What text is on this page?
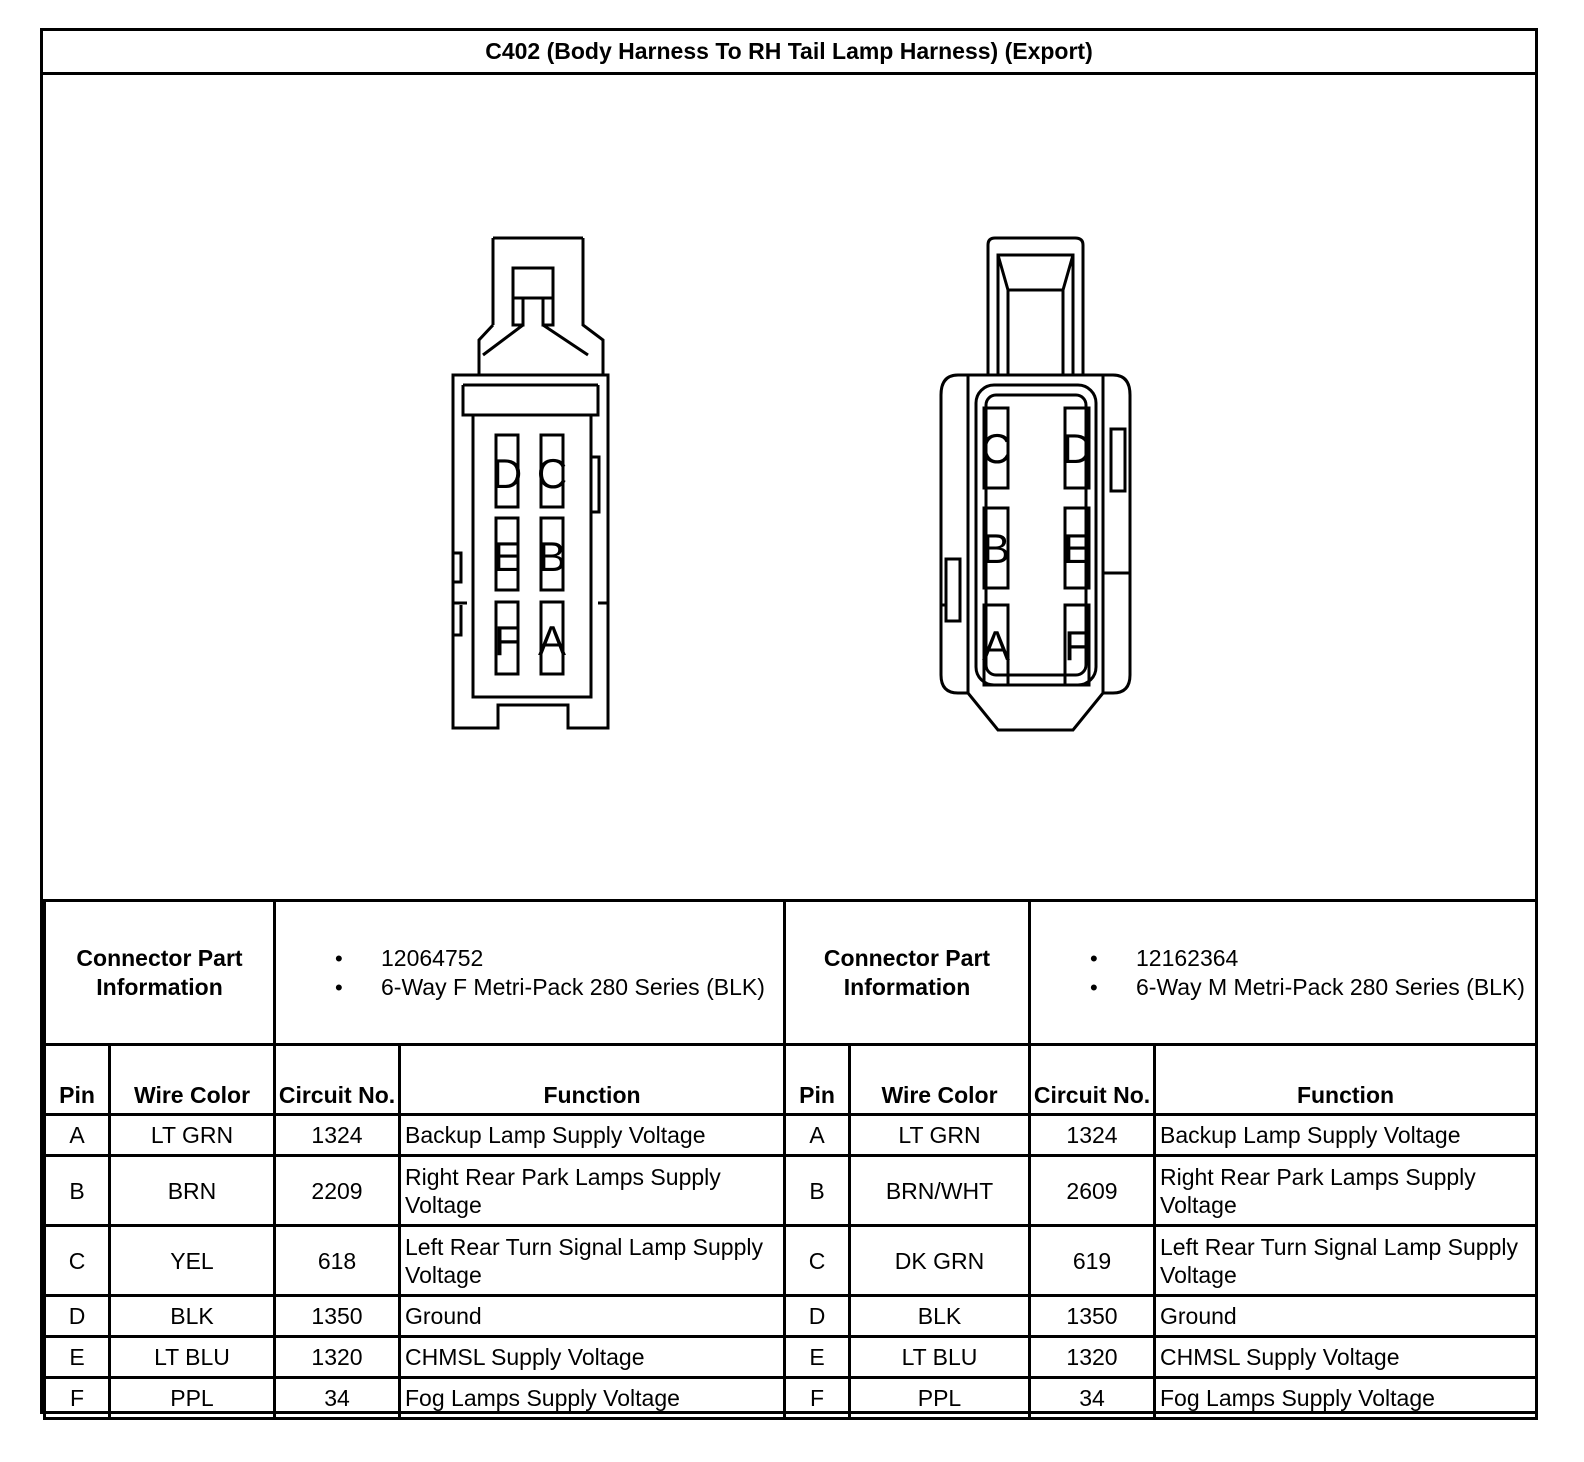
C402 (Body Harness To RH Tail Lamp Harness) (Export)
D C
E B
F A
C D
B E
A F
Connector Part Information	
• 12064752
• 6-Way F Metri-Pack 280 Series (BLK)
	Connector Part Information	
• 12162364
• 6-Way M Metri-Pack 280 Series (BLK)
Pin	Wire Color	Circuit No.	Function	Pin	Wire Color	Circuit No.	Function
A	LT GRN	1324	Backup Lamp Supply Voltage	A	LT GRN	1324	Backup Lamp Supply Voltage
B	BRN	2209	Right Rear Park Lamps Supply Voltage	B	BRN/WHT	2609	Right Rear Park Lamps Supply Voltage
C	YEL	618	Left Rear Turn Signal Lamp Supply Voltage	C	DK GRN	619	Left Rear Turn Signal Lamp Supply Voltage
D	BLK	1350	Ground	D	BLK	1350	Ground
E	LT BLU	1320	CHMSL Supply Voltage	E	LT BLU	1320	CHMSL Supply Voltage
F	PPL	34	Fog Lamps Supply Voltage	F	PPL	34	Fog Lamps Supply Voltage
